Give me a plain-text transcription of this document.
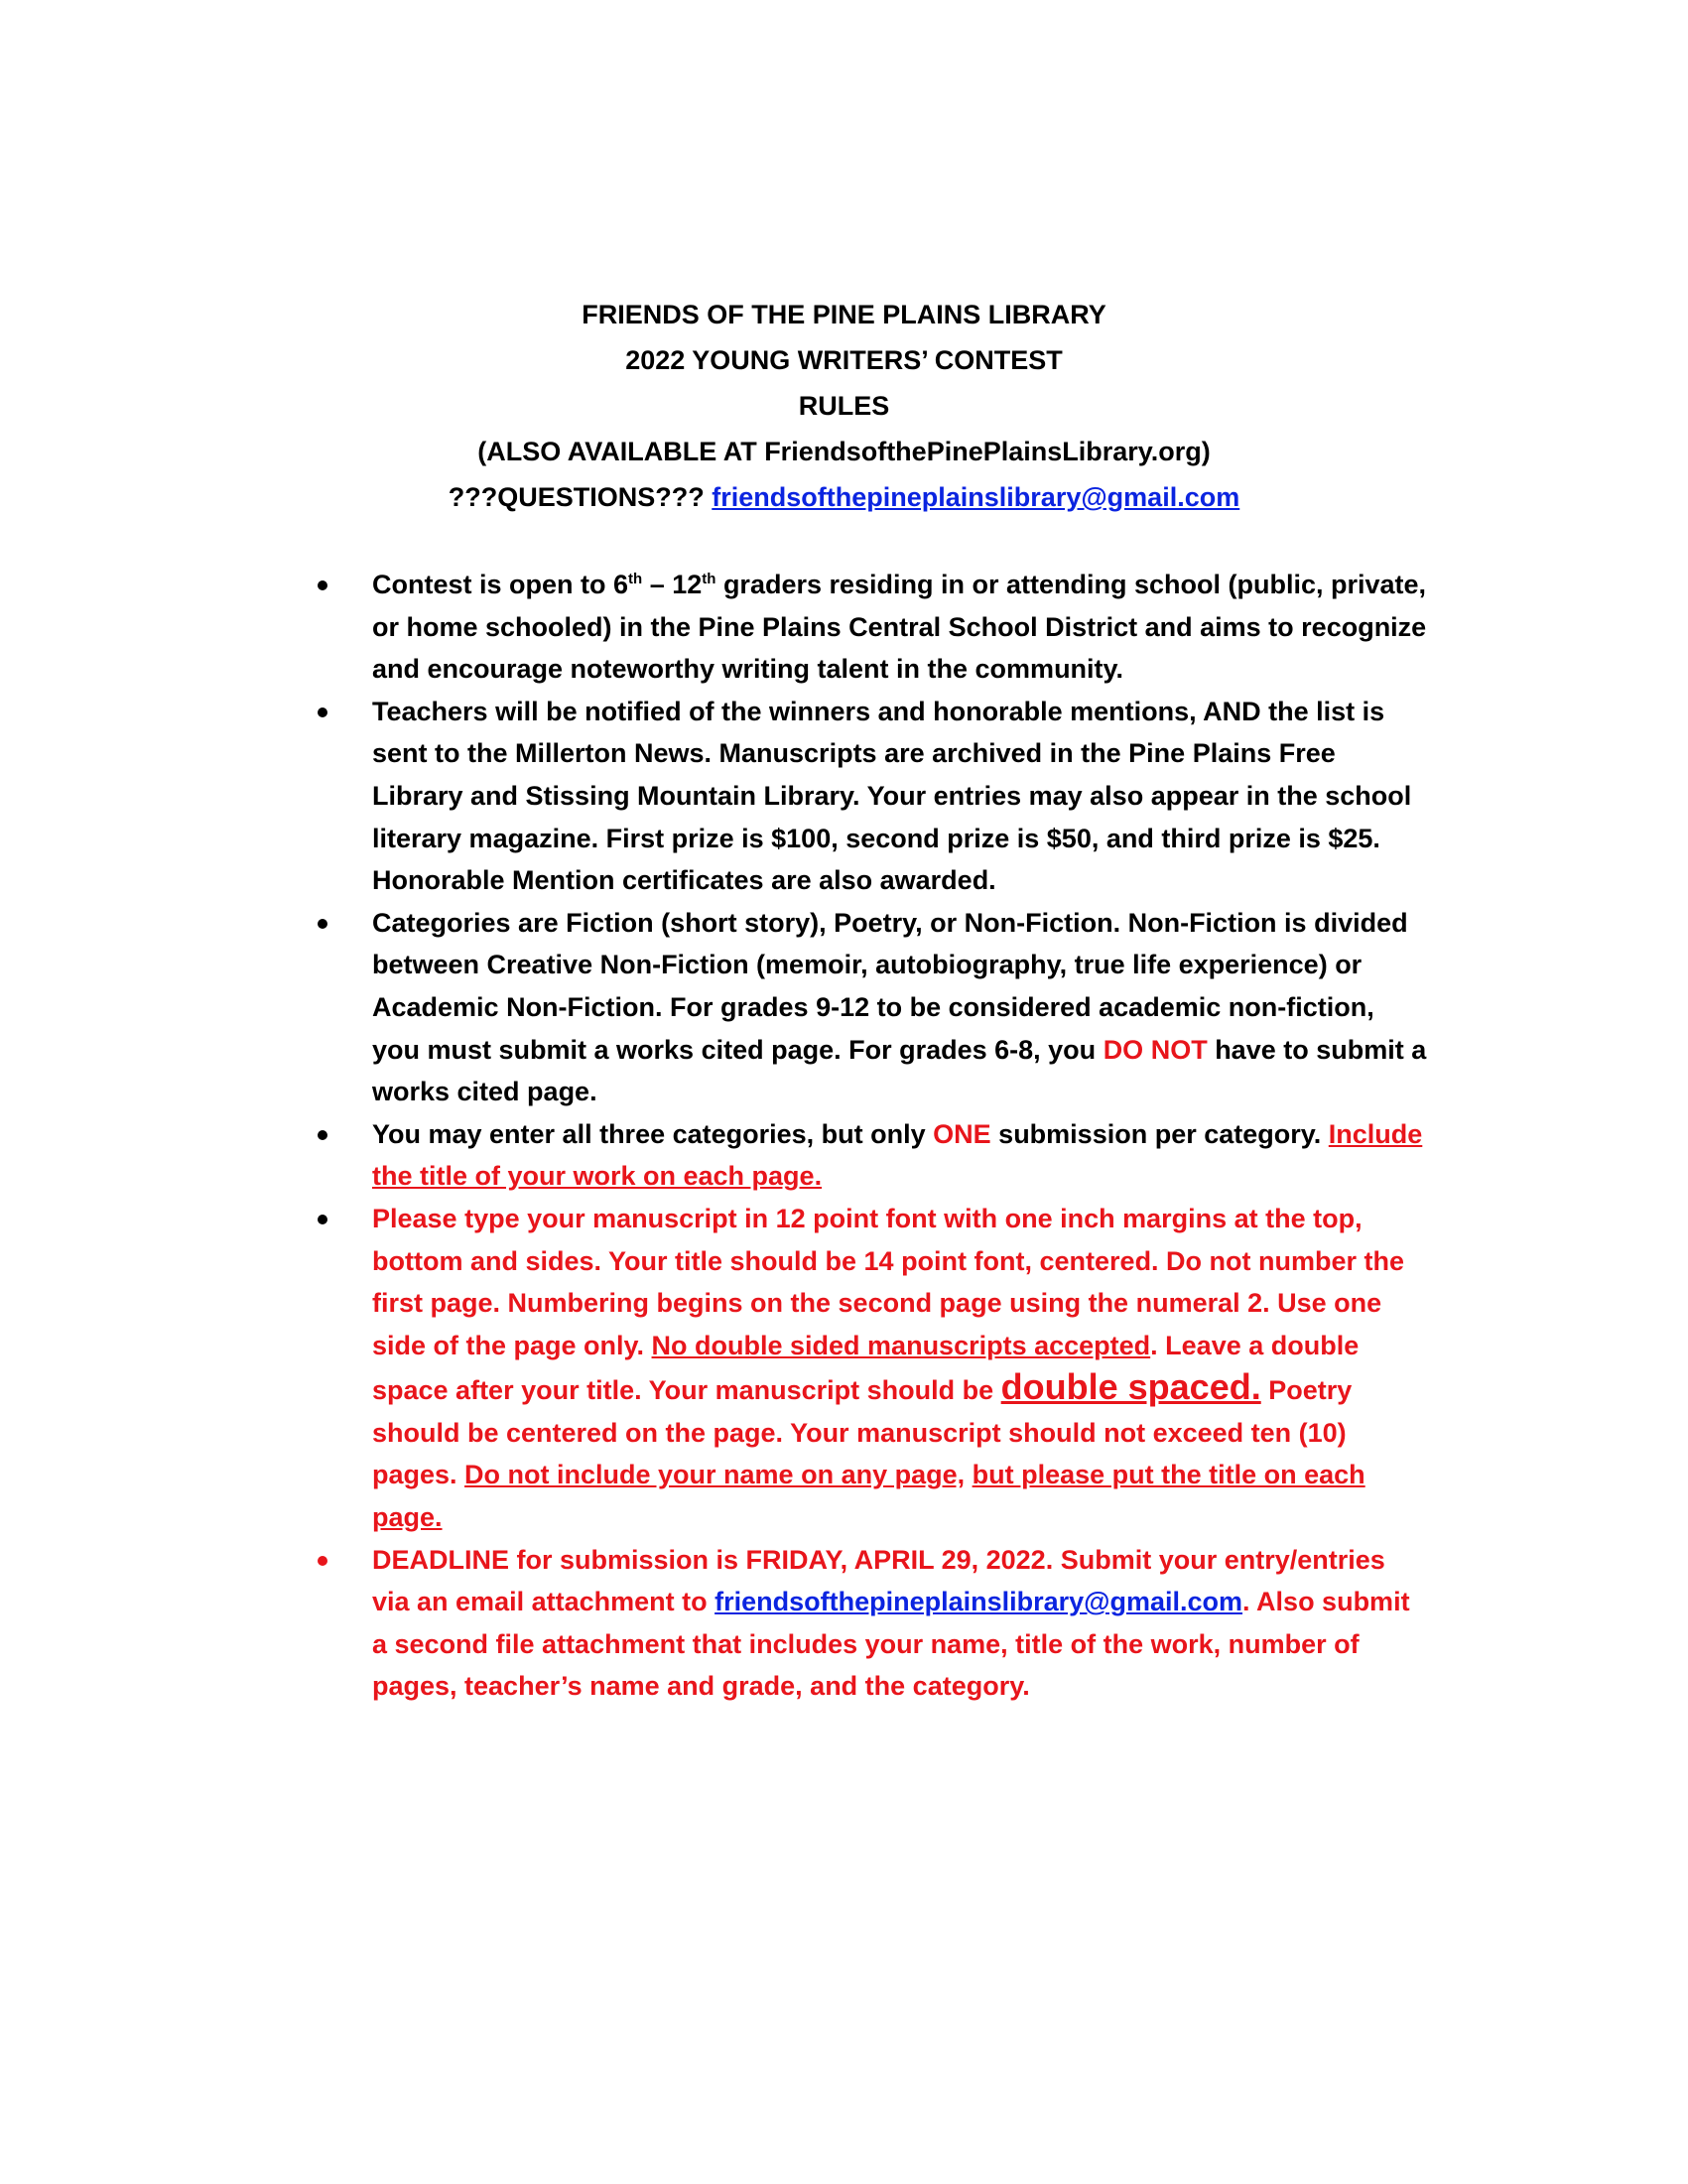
FRIENDS OF THE PINE PLAINS LIBRARY
2022 YOUNG WRITERS’ CONTEST
RULES
(ALSO AVAILABLE AT FriendsofthePinePlainsLibrary.org)
???QUESTIONS??? friendsofthepineplainslibrary@gmail.com
Contest is open to 6th – 12th graders residing in or attending school (public, private, or home schooled) in the Pine Plains Central School District and aims to recognize and encourage noteworthy writing talent in the community.
Teachers will be notified of the winners and honorable mentions, AND the list is sent to the Millerton News. Manuscripts are archived in the Pine Plains Free Library and Stissing Mountain Library. Your entries may also appear in the school literary magazine. First prize is $100, second prize is $50, and third prize is $25. Honorable Mention certificates are also awarded.
Categories are Fiction (short story), Poetry, or Non-Fiction. Non-Fiction is divided between Creative Non-Fiction (memoir, autobiography, true life experience) or Academic Non-Fiction. For grades 9-12 to be considered academic non-fiction, you must submit a works cited page. For grades 6-8, you DO NOT have to submit a works cited page.
You may enter all three categories, but only ONE submission per category. Include the title of your work on each page.
Please type your manuscript in 12 point font with one inch margins at the top, bottom and sides. Your title should be 14 point font, centered. Do not number the first page. Numbering begins on the second page using the numeral 2. Use one side of the page only. No double sided manuscripts accepted. Leave a double space after your title. Your manuscript should be double spaced. Poetry should be centered on the page. Your manuscript should not exceed ten (10) pages. Do not include your name on any page, but please put the title on each page.
DEADLINE for submission is FRIDAY, APRIL 29, 2022. Submit your entry/entries via an email attachment to friendsofthepineplainslibrary@gmail.com. Also submit a second file attachment that includes your name, title of the work, number of pages, teacher’s name and grade, and the category.
